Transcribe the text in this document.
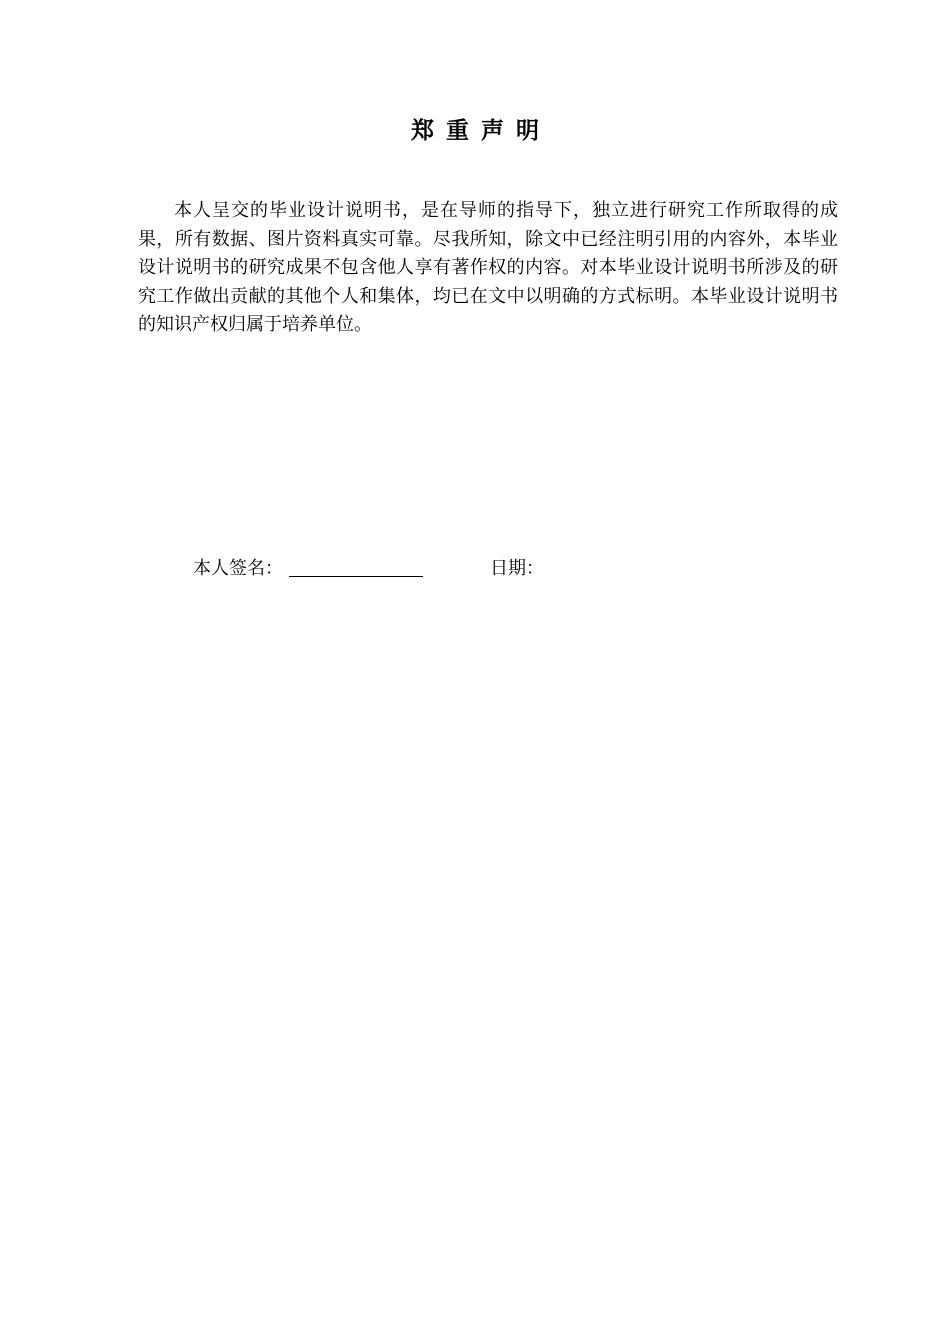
郑 重 声 明

本人呈交的毕业设计说明书，是在导师的指导下，独立进行研究工作所取得的成果，所有数据、图片资料真实可靠。尽我所知，除文中已经注明引用的内容外，本毕业设计说明书的研究成果不包含他人享有著作权的内容。对本毕业设计说明书所涉及的研究工作做出贡献的其他个人和集体，均已在文中以明确的方式标明。本毕业设计说明书的知识产权归属于培养单位。

本人签名：	日期：
